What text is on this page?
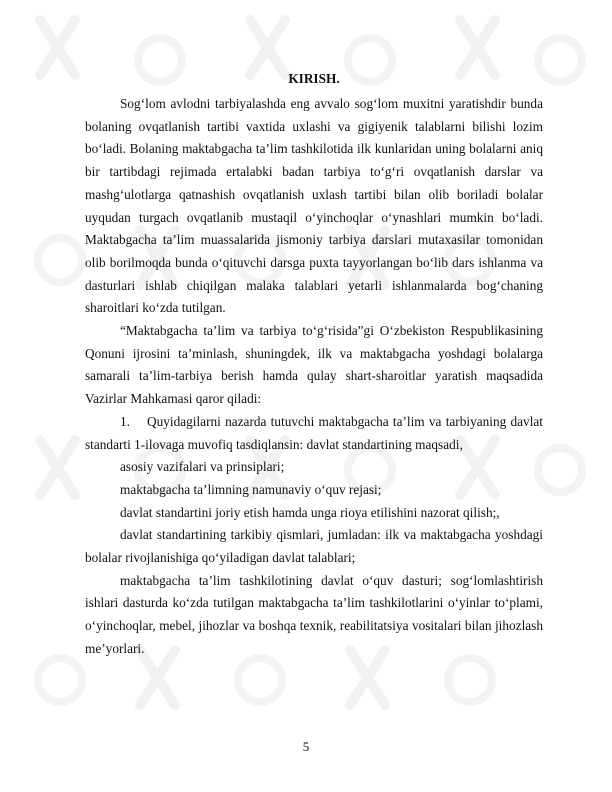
KIRISH.

Sog‘lom avlodni tarbiyalashda eng avvalo sog‘lom muxitni yaratishdir bunda bolaning ovqatlanish tartibi vaxtida uxlashi va gigiyenik talablarni bilishi lozim bo‘ladi. Bolaning maktabgacha ta’lim tashkilotida ilk kunlaridan uning bolalarni aniq bir tartibdagi rejimada ertalabki badan tarbiya to‘g‘ri ovqatlanish darslar va mashg‘ulotlarga qatnashish ovqatlanish uxlash tartibi bilan olib boriladi bolalar uyqudan turgach ovqatlanib mustaqil o‘yinchoqlar o‘ynashlari mumkin bo‘ladi. Maktabgacha ta’lim muassalarida jismoniy tarbiya darslari mutaxasilar tomonidan olib borilmoqda bunda o‘qituvchi darsga puxta tayyorlangan bo‘lib dars ishlanma va dasturlari ishlab chiqilgan malaka talablari yetarli ishlanmalarda bog‘chaning sharoitlari ko‘zda tutilgan.

“Maktabgacha ta’lim va tarbiya to‘g‘risida”gi O‘zbekiston Respublikasining Qonuni ijrosini ta’minlash, shuningdek, ilk va maktabgacha yoshdagi bolalarga samarali ta’lim-tarbiya berish hamda qulay shart-sharoitlar yaratish maqsadida Vazirlar Mahkamasi qaror qiladi:

1. Quyidagilarni nazarda tutuvchi maktabgacha ta’lim va tarbiyaning davlat standarti 1-ilovaga muvofiq tasdiqlansin: davlat standartining maqsadi,

asosiy vazifalari va prinsiplari;

maktabgacha ta’limning namunaviy o‘quv rejasi;

davlat standartini joriy etish hamda unga rioya etilishini nazorat qilish;,

davlat standartining tarkibiy qismlari, jumladan: ilk va maktabgacha yoshdagi bolalar rivojlanishiga qo‘yiladigan davlat talablari;

maktabgacha ta’lim tashkilotining davlat o‘quv dasturi; sog‘lomlashtirish ishlari dasturda ko‘zda tutilgan maktabgacha ta’lim tashkilotlarini o‘yinlar to‘plami, o‘yinchoqlar, mebel, jihozlar va boshqa texnik, reabilitatsiya vositalari bilan jihozlash me’yorlari.

5
